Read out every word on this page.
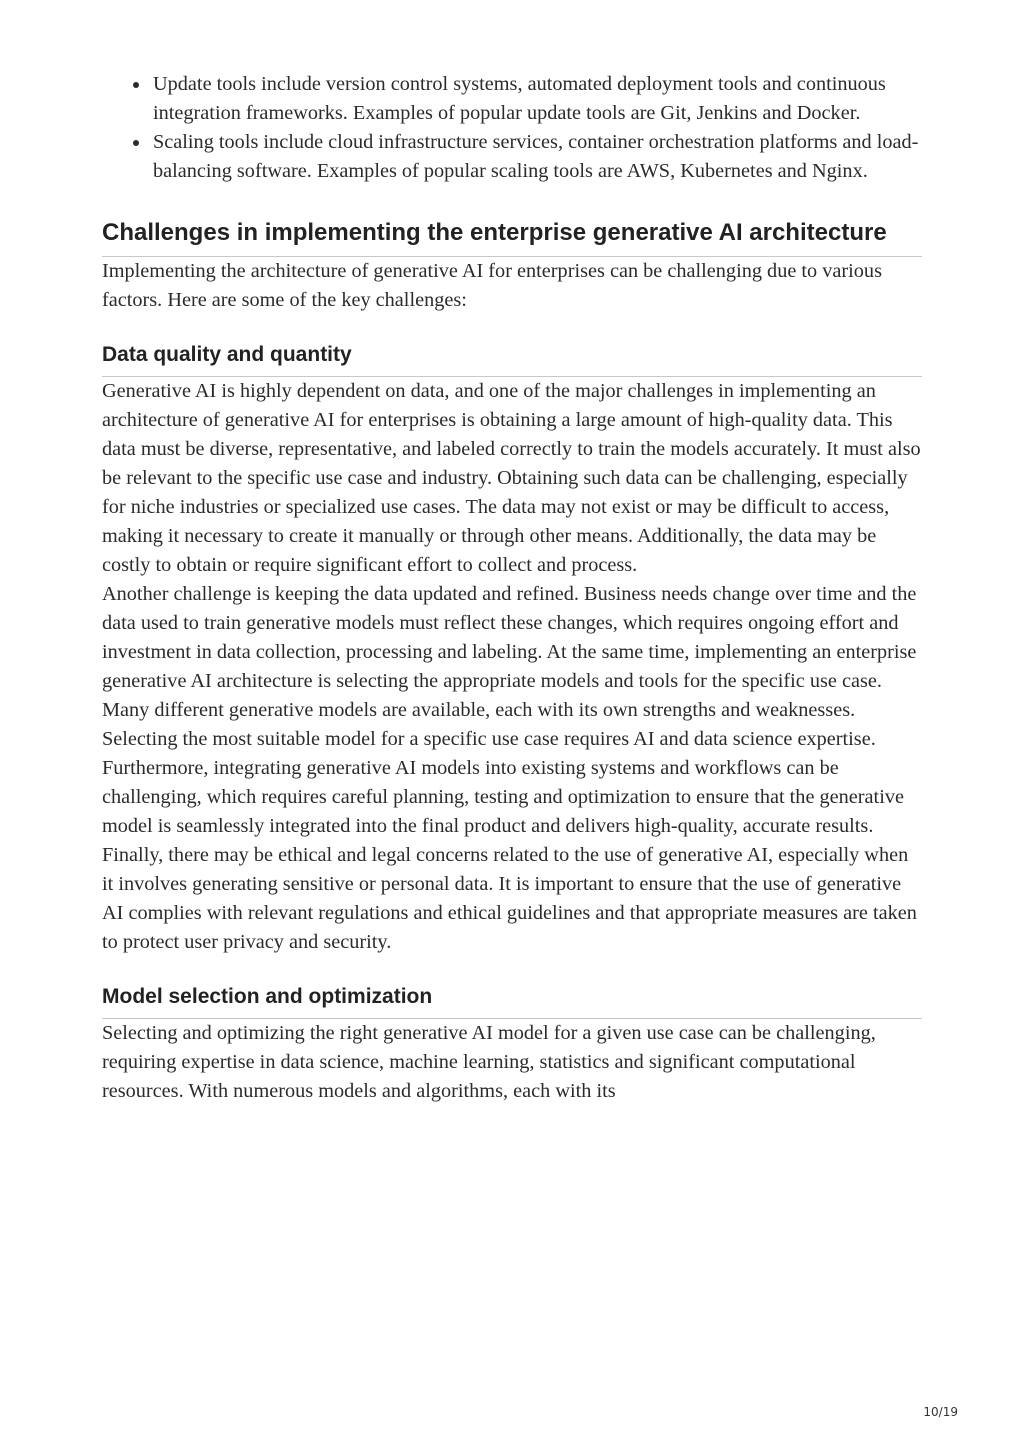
Update tools include version control systems, automated deployment tools and continuous integration frameworks. Examples of popular update tools are Git, Jenkins and Docker.
Scaling tools include cloud infrastructure services, container orchestration platforms and load-balancing software. Examples of popular scaling tools are AWS, Kubernetes and Nginx.
Challenges in implementing the enterprise generative AI architecture

Implementing the architecture of generative AI for enterprises can be challenging due to various factors. Here are some of the key challenges:

Data quality and quantity

Generative AI is highly dependent on data, and one of the major challenges in implementing an architecture of generative AI for enterprises is obtaining a large amount of high-quality data. This data must be diverse, representative, and labeled correctly to train the models accurately. It must also be relevant to the specific use case and industry. Obtaining such data can be challenging, especially for niche industries or specialized use cases. The data may not exist or may be difficult to access, making it necessary to create it manually or through other means. Additionally, the data may be costly to obtain or require significant effort to collect and process.

Another challenge is keeping the data updated and refined. Business needs change over time and the data used to train generative models must reflect these changes, which requires ongoing effort and investment in data collection, processing and labeling. At the same time, implementing an enterprise generative AI architecture is selecting the appropriate models and tools for the specific use case. Many different generative models are available, each with its own strengths and weaknesses. Selecting the most suitable model for a specific use case requires AI and data science expertise.

Furthermore, integrating generative AI models into existing systems and workflows can be challenging, which requires careful planning, testing and optimization to ensure that the generative model is seamlessly integrated into the final product and delivers high-quality, accurate results. Finally, there may be ethical and legal concerns related to the use of generative AI, especially when it involves generating sensitive or personal data. It is important to ensure that the use of generative AI complies with relevant regulations and ethical guidelines and that appropriate measures are taken to protect user privacy and security.

Model selection and optimization

Selecting and optimizing the right generative AI model for a given use case can be challenging, requiring expertise in data science, machine learning, statistics and significant computational resources. With numerous models and algorithms, each with its

10/19
